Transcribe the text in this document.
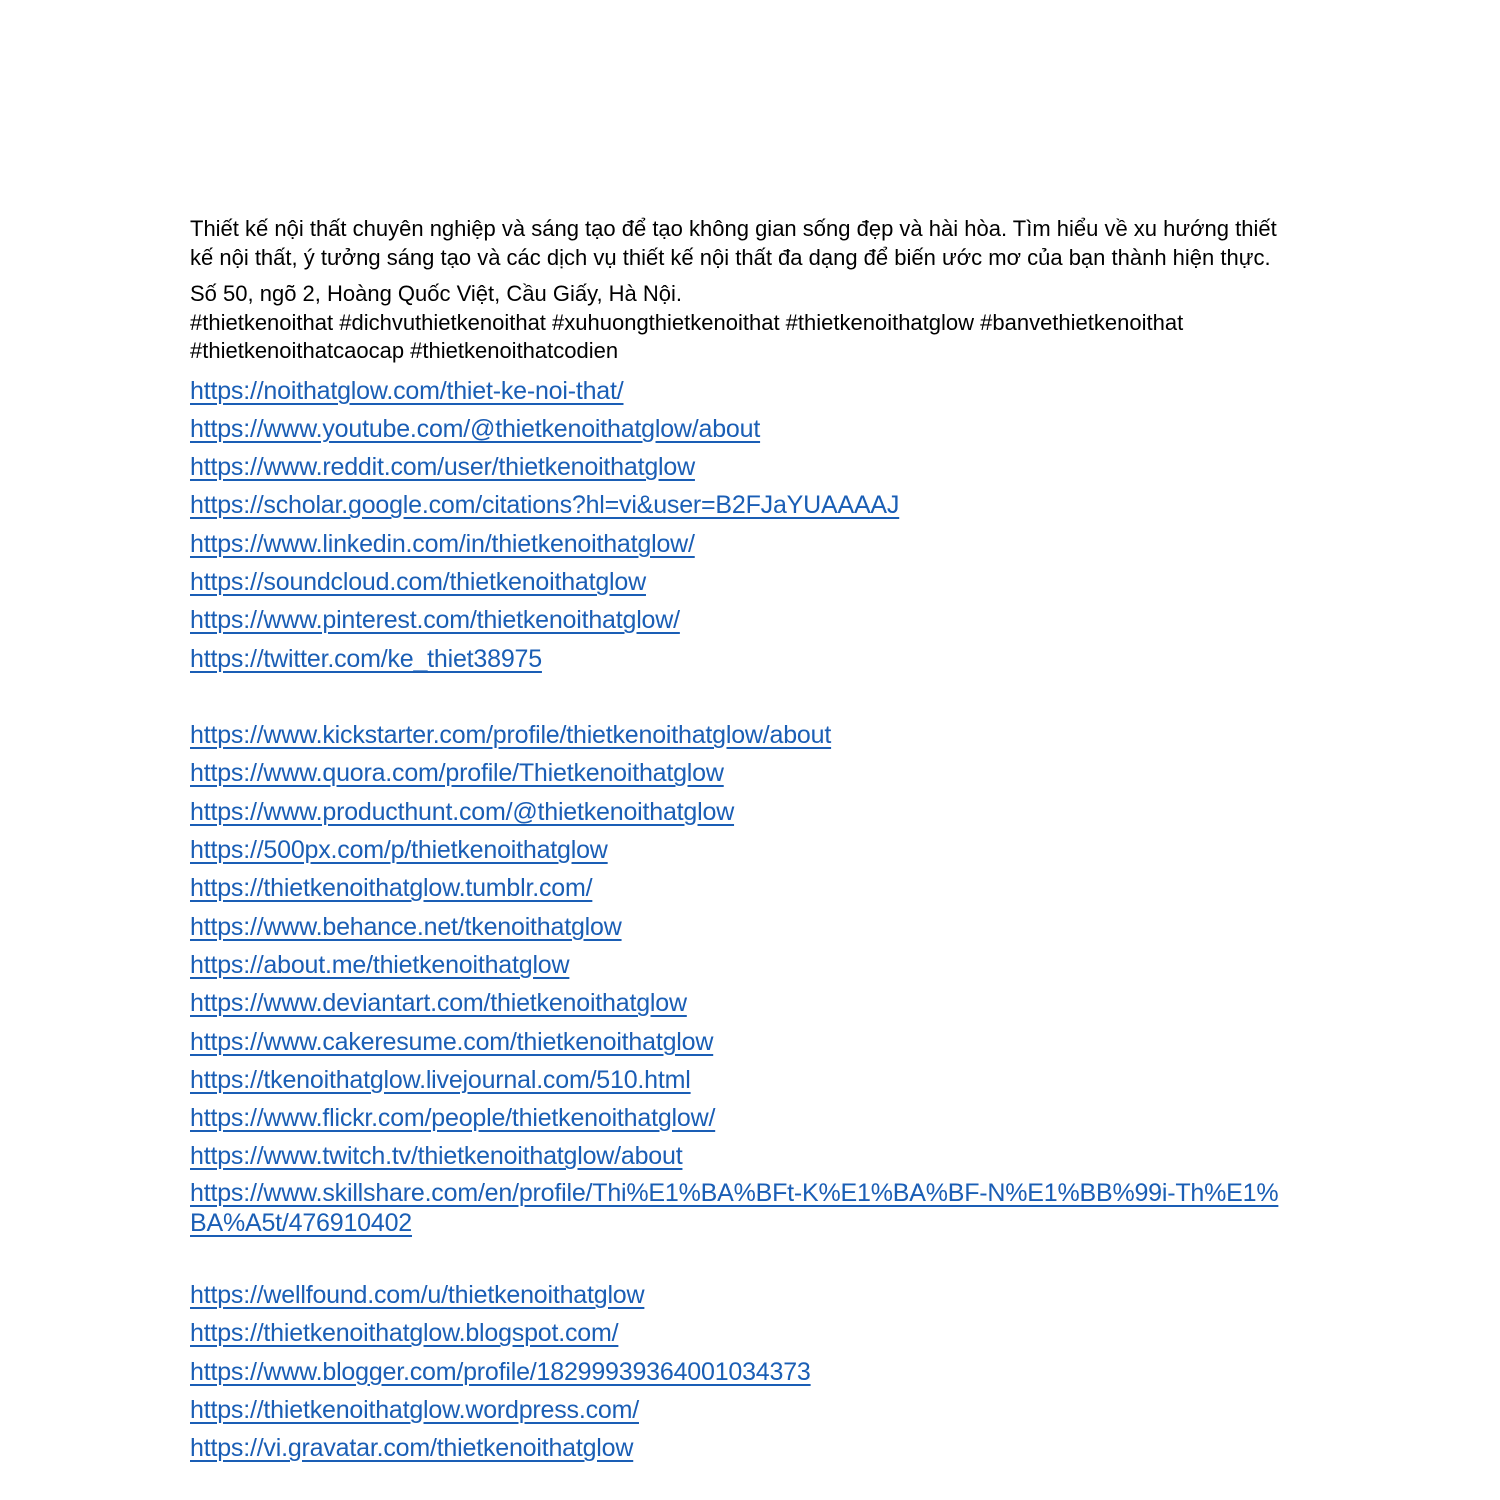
Thiết kế nội thất chuyên nghiệp và sáng tạo để tạo không gian sống đẹp và hài hòa. Tìm hiểu về xu hướng thiết kế nội thất, ý tưởng sáng tạo và các dịch vụ thiết kế nội thất đa dạng để biến ước mơ của bạn thành hiện thực.

Số 50, ngõ 2, Hoàng Quốc Việt, Cầu Giấy, Hà Nội.

#thietkenoithat #dichvuthietkenoithat #xuhuongthietkenoithat #thietkenoithatglow #banvethietkenoithat #thietkenoithatcaocap #thietkenoithatcodien

https://noithatglow.com/thiet-ke-noi-that/
https://www.youtube.com/@thietkenoithatglow/about
https://www.reddit.com/user/thietkenoithatglow
https://scholar.google.com/citations?hl=vi&user=B2FJaYUAAAAJ
https://www.linkedin.com/in/thietkenoithatglow/
https://soundcloud.com/thietkenoithatglow
https://www.pinterest.com/thietkenoithatglow/
https://twitter.com/ke_thiet38975
https://www.kickstarter.com/profile/thietkenoithatglow/about
https://www.quora.com/profile/Thietkenoithatglow
https://www.producthunt.com/@thietkenoithatglow
https://500px.com/p/thietkenoithatglow
https://thietkenoithatglow.tumblr.com/
https://www.behance.net/tkenoithatglow
https://about.me/thietkenoithatglow
https://www.deviantart.com/thietkenoithatglow
https://www.cakeresume.com/thietkenoithatglow
https://tkenoithatglow.livejournal.com/510.html
https://www.flickr.com/people/thietkenoithatglow/
https://www.twitch.tv/thietkenoithatglow/about
https://www.skillshare.com/en/profile/Thi%E1%BA%BFt-K%E1%BA%BF-N%E1%BB%99i-Th%E1%BA%A5t/476910402
https://wellfound.com/u/thietkenoithatglow
https://thietkenoithatglow.blogspot.com/
https://www.blogger.com/profile/18299939364001034373
https://thietkenoithatglow.wordpress.com/
https://vi.gravatar.com/thietkenoithatglow
